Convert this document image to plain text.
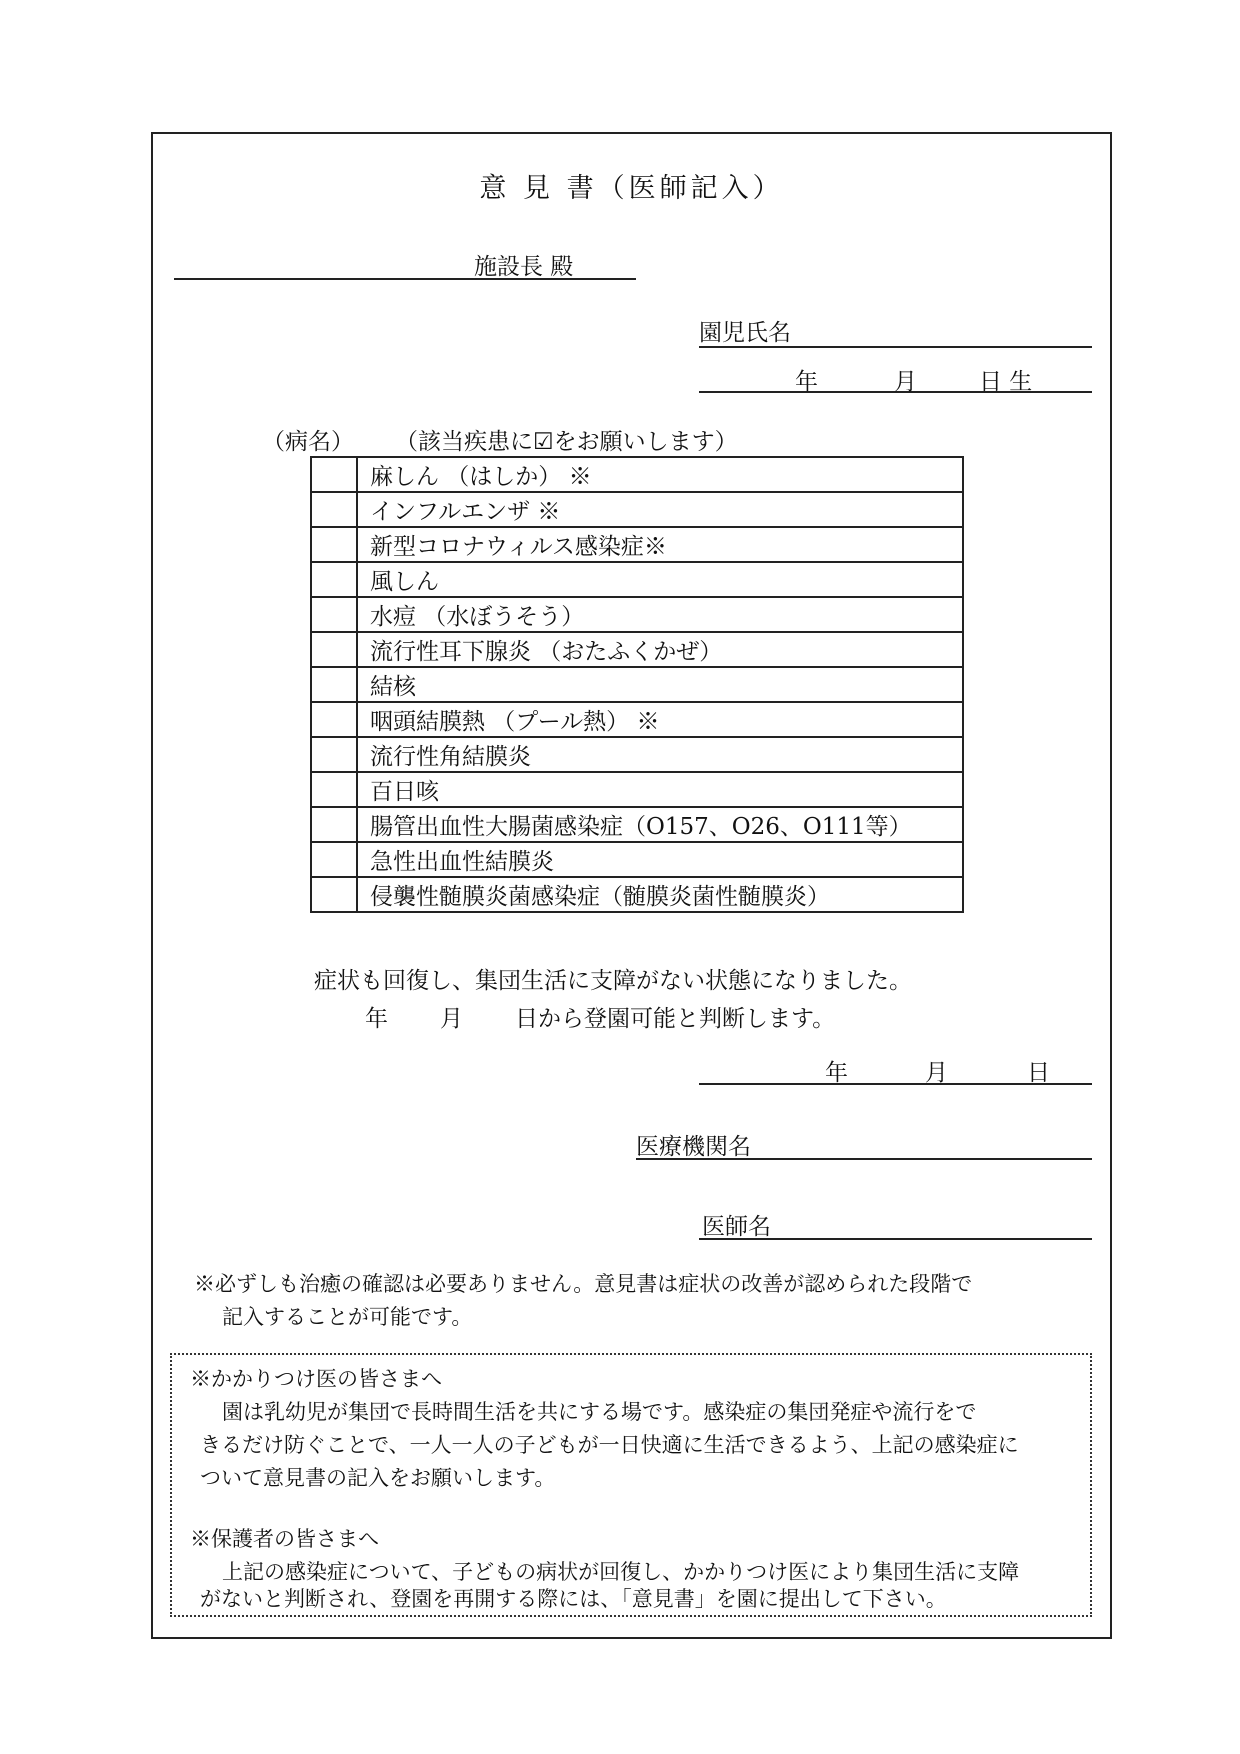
意 見 書（医師記入）
施設長 殿
園児氏名
年	月	日 生
（病名） （該当疾患に☑をお願いします）
	麻しん （はしか） ※
	インフルエンザ ※
	新型コロナウィルス感染症※
	風しん
	水痘 （水ぼうそう）
	流行性耳下腺炎 （おたふくかぜ）
	結核
	咽頭結膜熱 （プール熱） ※
	流行性角結膜炎
	百日咳
	腸管出血性大腸菌感染症（O157、O26、O111等）
	急性出血性結膜炎
	侵襲性髄膜炎菌感染症（髄膜炎菌性髄膜炎）
症状も回復し、集団生活に支障がない状態になりました。
年 月 日から登園可能と判断します。
年	月	日
医療機関名
医師名
※必ずしも治癒の確認は必要ありません。意見書は症状の改善が認められた段階で
記入することが可能です。
※かかりつけ医の皆さまへ
園は乳幼児が集団で長時間生活を共にする場です。感染症の集団発症や流行をで
きるだけ防ぐことで、一人一人の子どもが一日快適に生活できるよう、上記の感染症に
ついて意見書の記入をお願いします。
※保護者の皆さまへ
上記の感染症について、子どもの病状が回復し、かかりつけ医により集団生活に支障
がないと判断され、登園を再開する際には、「意見書」を園に提出して下さい。
